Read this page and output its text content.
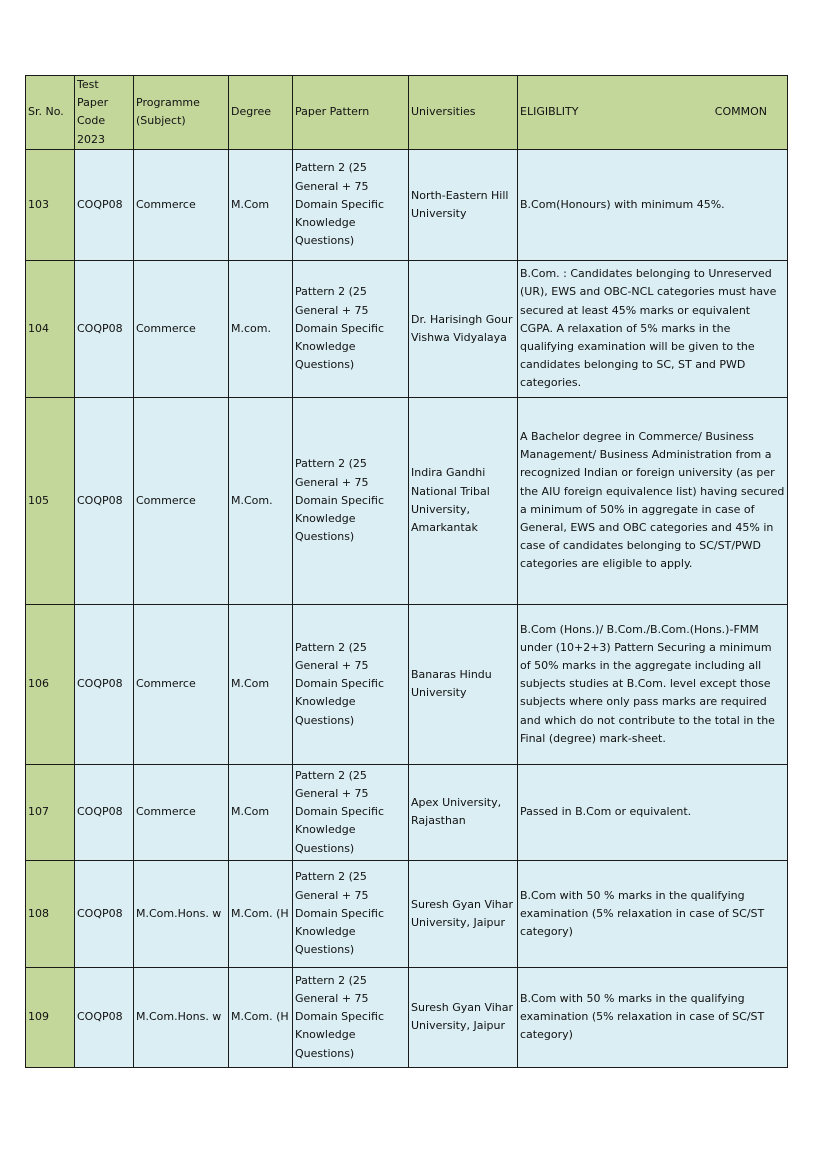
Sr. No.	Test Paper Code 2023	Programme (Subject)	Degree	Paper Pattern	Universities	ELIGIBLITY COMMON

103	COQP08	Commerce	M.Com	Pattern 2 (25 General + 75 Domain Specific Knowledge Questions)	North-Eastern Hill University	B.Com(Honours) with minimum 45%.
104	COQP08	Commerce	M.com.	Pattern 2 (25 General + 75 Domain Specific Knowledge Questions)	Dr. Harisingh Gour Vishwa Vidyalaya	B.Com. : Candidates belonging to Unreserved (UR), EWS and OBC-NCL categories must have secured at least 45% marks or equivalent CGPA. A relaxation of 5% marks in the qualifying examination will be given to the candidates belonging to SC, ST and PWD categories.
105	COQP08	Commerce	M.Com.	Pattern 2 (25 General + 75 Domain Specific Knowledge Questions)	Indira Gandhi National Tribal University, Amarkantak	A Bachelor degree in Commerce/ Business Management/ Business Administration from a recognized Indian or foreign university (as per the AIU foreign equivalence list) having secured a minimum of 50% in aggregate in case of General, EWS and OBC categories and 45% in case of candidates belonging to SC/ST/PWD categories are eligible to apply.
106	COQP08	Commerce	M.Com	Pattern 2 (25 General + 75 Domain Specific Knowledge Questions)	Banaras Hindu University	B.Com (Hons.)/ B.Com./B.Com.(Hons.)-FMM under (10+2+3) Pattern Securing a minimum of 50% marks in the aggregate including all subjects studies at B.Com. level except those subjects where only pass marks are required and which do not contribute to the total in the Final (degree) mark-sheet.
107	COQP08	Commerce	M.Com	Pattern 2 (25 General + 75 Domain Specific Knowledge Questions)	Apex University, Rajasthan	Passed in B.Com or equivalent.
108	COQP08	M.Com.Hons. w	M.Com. (H	Pattern 2 (25 General + 75 Domain Specific Knowledge Questions)	Suresh Gyan Vihar University, Jaipur	B.Com with 50 % marks in the qualifying examination (5% relaxation in case of SC/ST category)
109	COQP08	M.Com.Hons. w	M.Com. (H	Pattern 2 (25 General + 75 Domain Specific Knowledge Questions)	Suresh Gyan Vihar University, Jaipur	B.Com with 50 % marks in the qualifying examination (5% relaxation in case of SC/ST category)
